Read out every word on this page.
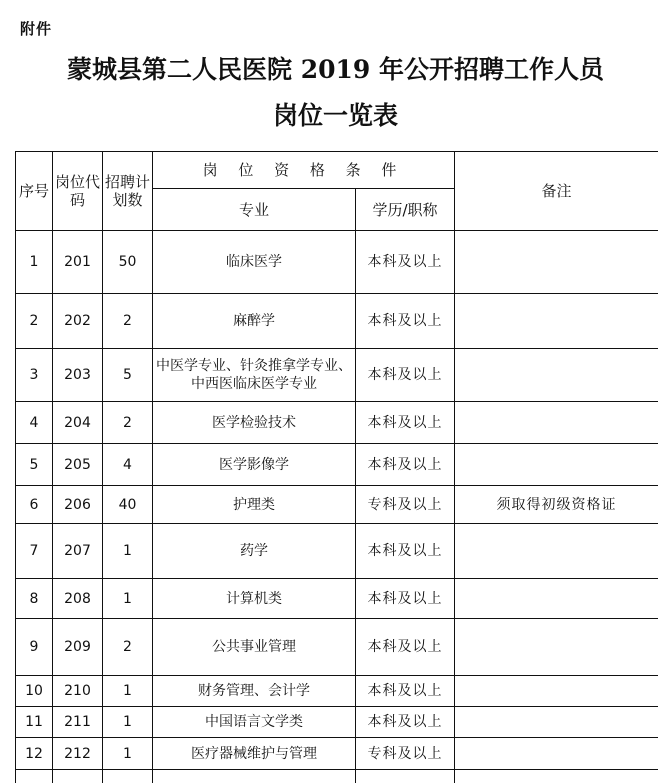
附件
蒙城县第二人民医院 2019 年公开招聘工作人员
岗位一览表
序号	岗位代码	招聘计划数	岗 位 资 格 条 件		备注
			专业	学历/职称	
1	201	50	临床医学	本科及以上	
2	202	2	麻醉学	本科及以上	
3	203	5	中医学专业、针灸推拿学专业、中西医临床医学专业	本科及以上	
4	204	2	医学检验技术	本科及以上	
5	205	4	医学影像学	本科及以上	
6	206	40	护理类	专科及以上	须取得初级资格证
7	207	1	药学	本科及以上	
8	208	1	计算机类	本科及以上	
9	209	2	公共事业管理	本科及以上	
10	210	1	财务管理、会计学	本科及以上	
11	211	1	中国语言文学类	本科及以上	
12	212	1	医疗器械维护与管理	专科及以上	
